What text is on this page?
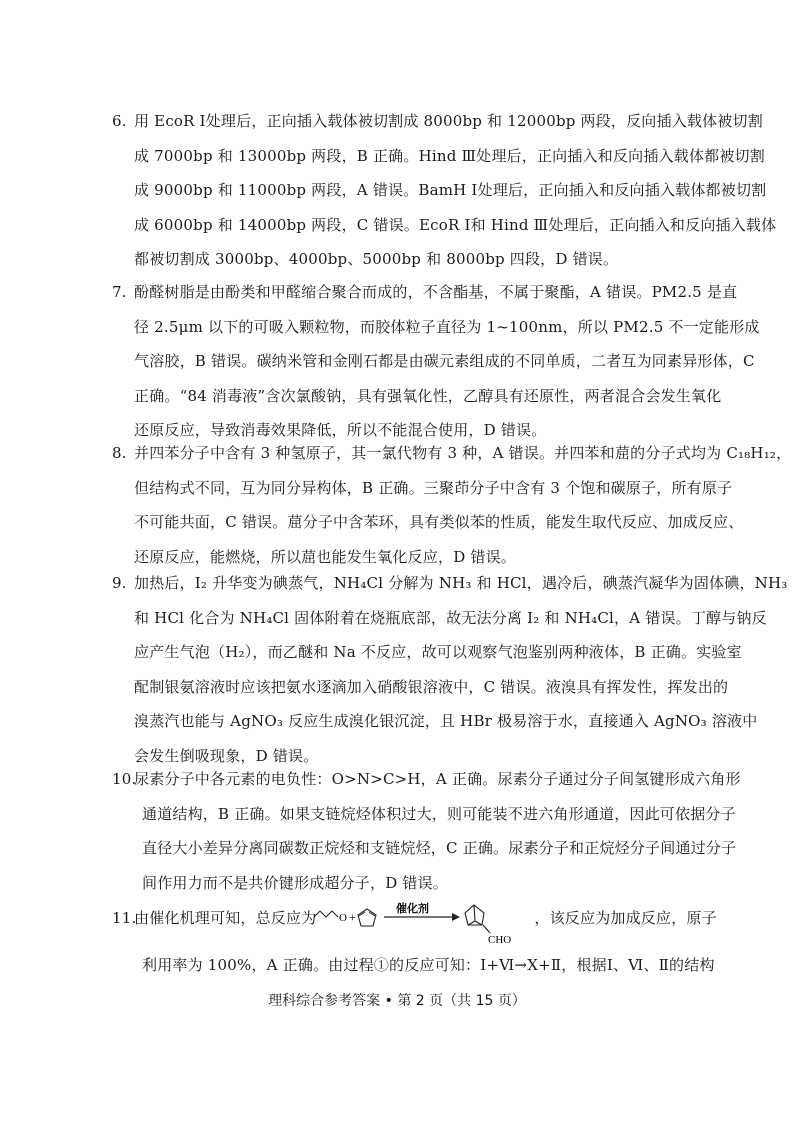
6. 用 EcoR Ⅰ处理后，正向插入载体被切割成 8000bp 和 12000bp 两段，反向插入载体被切割
成 7000bp 和 13000bp 两段，B 正确。Hind Ⅲ处理后，正向插入和反向插入载体都被切割
成 9000bp 和 11000bp 两段，A 错误。BamH Ⅰ处理后，正向插入和反向插入载体都被切割
成 6000bp 和 14000bp 两段，C 错误。EcoR Ⅰ和 Hind Ⅲ处理后，正向插入和反向插入载体
都被切割成 3000bp、4000bp、5000bp 和 8000bp 四段，D 错误。
7. 酚醛树脂是由酚类和甲醛缩合聚合而成的，不含酯基，不属于聚酯，A 错误。PM2.5 是直
径 2.5μm 以下的可吸入颗粒物，而胶体粒子直径为 1~100nm，所以 PM2.5 不一定能形成
气溶胶，B 错误。碳纳米管和金刚石都是由碳元素组成的不同单质，二者互为同素异形体，C
正确。“84 消毒液”含次氯酸钠，具有强氧化性，乙醇具有还原性，两者混合会发生氧化
还原反应，导致消毒效果降低，所以不能混合使用，D 错误。
8. 并四苯分子中含有 3 种氢原子，其一氯代物有 3 种，A 错误。并四苯和䓛的分子式均为 C₁₈H₁₂，
但结构式不同，互为同分异构体，B 正确。三聚茚分子中含有 3 个饱和碳原子，所有原子
不可能共面，C 错误。䓛分子中含苯环，具有类似苯的性质，能发生取代反应、加成反应、
还原反应，能燃烧，所以䓛也能发生氧化反应，D 错误。
9. 加热后，I₂ 升华变为碘蒸气，NH₄Cl 分解为 NH₃ 和 HCl，遇冷后，碘蒸汽凝华为固体碘，NH₃
和 HCl 化合为 NH₄Cl 固体附着在烧瓶底部，故无法分离 I₂ 和 NH₄Cl，A 错误。丁醇与钠反
应产生气泡（H₂），而乙醚和 Na 不反应，故可以观察气泡鉴别两种液体，B 正确。实验室
配制银氨溶液时应该把氨水逐滴加入硝酸银溶液中，C 错误。液溴具有挥发性，挥发出的
溴蒸汽也能与 AgNO₃ 反应生成溴化银沉淀，且 HBr 极易溶于水，直接通入 AgNO₃ 溶液中
会发生倒吸现象，D 错误。
10.
尿素分子中各元素的电负性：O>N>C>H，A 正确。尿素分子通过分子间氢键形成六角形
通道结构，B 正确。如果支链烷烃体积过大，则可能装不进六角形通道，因此可依据分子
直径大小差异分离同碳数正烷烃和支链烷烃，C 正确。尿素分子和正烷烃分子间通过分子
间作用力而不是共价键形成超分子，D 错误。
11.
由催化机理可知，总反应为	，该反应为加成反应，原子
利用率为 100%，A 正确。由过程①的反应可知：Ⅰ+Ⅵ→X+Ⅱ，根据Ⅰ、Ⅵ、Ⅱ的结构
O +
催化剂
CHO
理科综合参考答案 • 第 2 页（共 15 页）
